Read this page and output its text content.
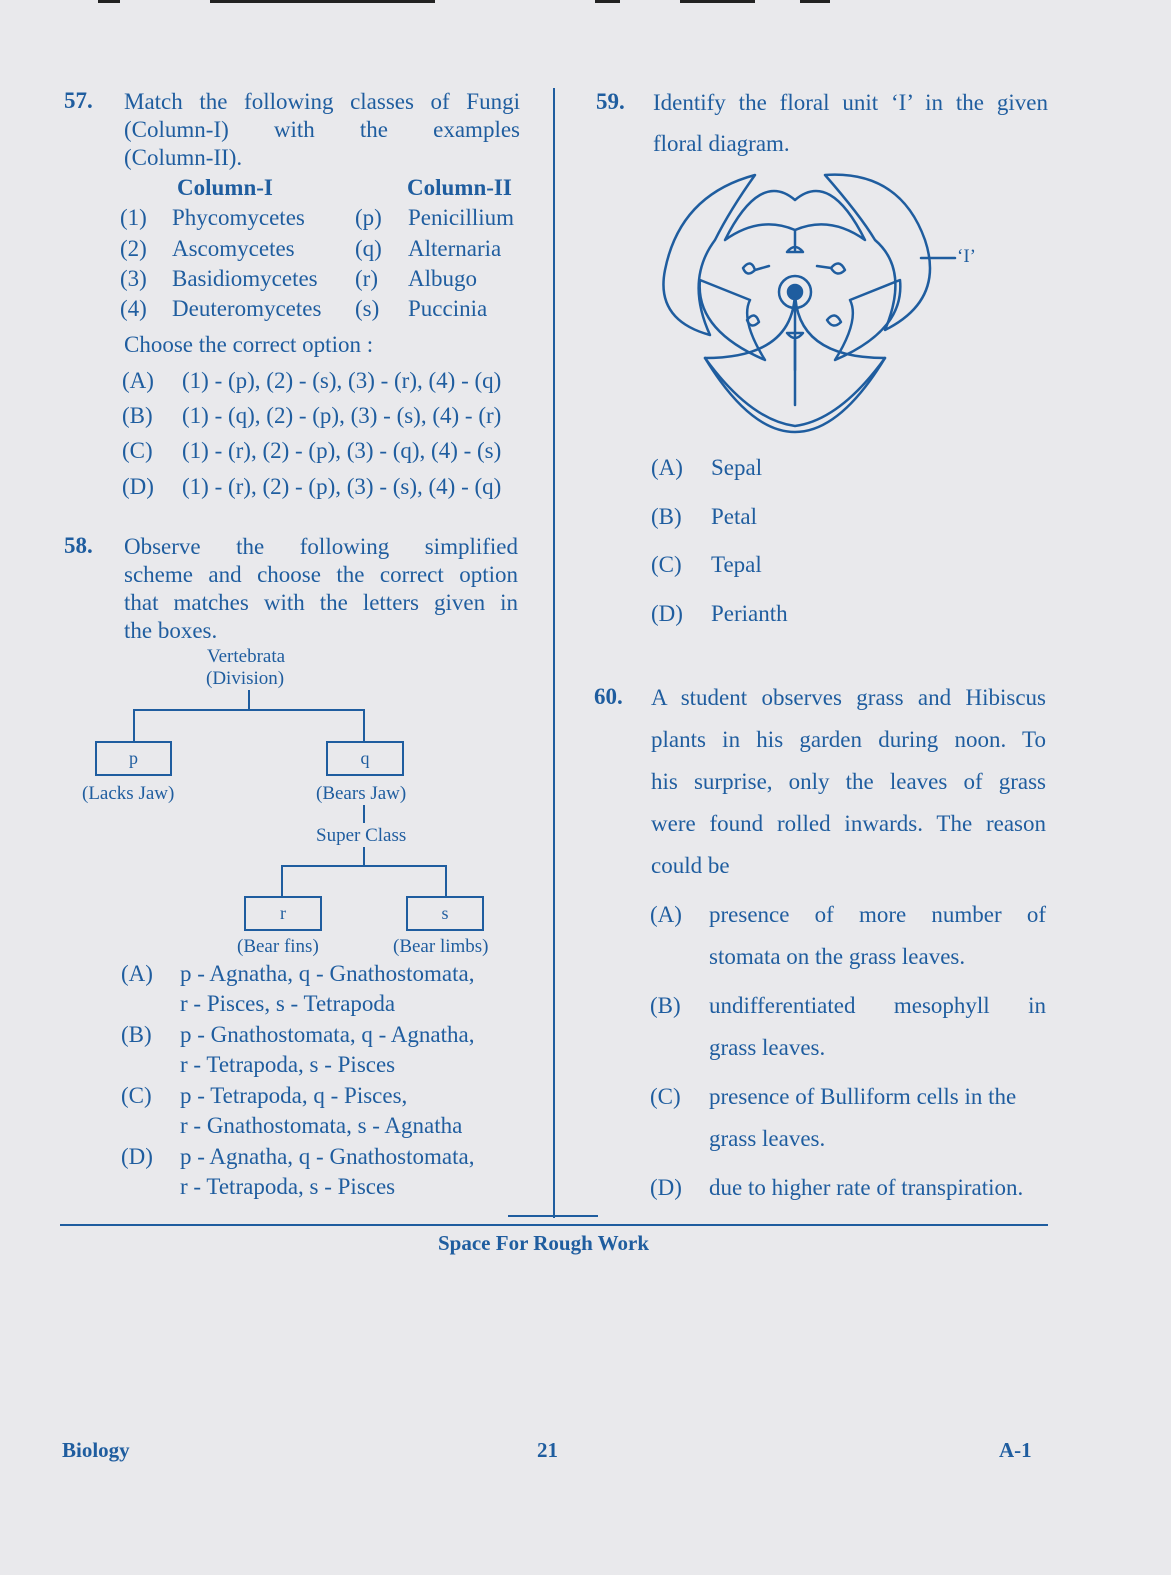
57. Match the following classes of Fungi
(Column-I) with the examples
(Column-II).
Column-I	Column-II
(1) Phycomycetes (p) Penicillium
(2) Ascomycetes	(q) Alternaria
(3) Basidiomycetes (r) Albugo
(4) Deuteromycetes (s) Puccinia
Choose the correct option :
(A) (1) - (p), (2) - (s), (3) - (r), (4) - (q)
(B) (1) - (q), (2) - (p), (3) - (s), (4) - (r)
(C) (1) - (r), (2) - (p), (3) - (q), (4) - (s)
(D) (1) - (r), (2) - (p), (3) - (s), (4) - (q)
58. Observe the following simplified
scheme and choose the correct option
that matches with the letters given in
the boxes.
Vertebrata
(Division)
p	q
(Lacks Jaw)	(Bears Jaw)
Super Class
r	s
(Bear fins)	(Bear limbs)
(A) p - Agnatha, q - Gnathostomata,
r - Pisces, s - Tetrapoda
(B) p - Gnathostomata, q - Agnatha,
r - Tetrapoda, s - Pisces
(C) p - Tetrapoda, q - Pisces,
r - Gnathostomata, s - Agnatha
(D) p - Agnatha, q - Gnathostomata,
r - Tetrapoda, s - Pisces
59. Identify the floral unit ‘I’ in the given
floral diagram.
‘I’
(A) Sepal
(B) Petal
(C) Tepal
(D) Perianth
60. A student observes grass and Hibiscus
plants in his garden during noon. To
his surprise, only the leaves of grass
were found rolled inwards. The reason
could be
(A) presence of more number of
stomata on the grass leaves.
(B) undifferentiated mesophyll in
grass leaves.
(C) presence of Bulliform cells in the
grass leaves.
(D) due to higher rate of transpiration.
Space For Rough Work
Biology	21	A-1
